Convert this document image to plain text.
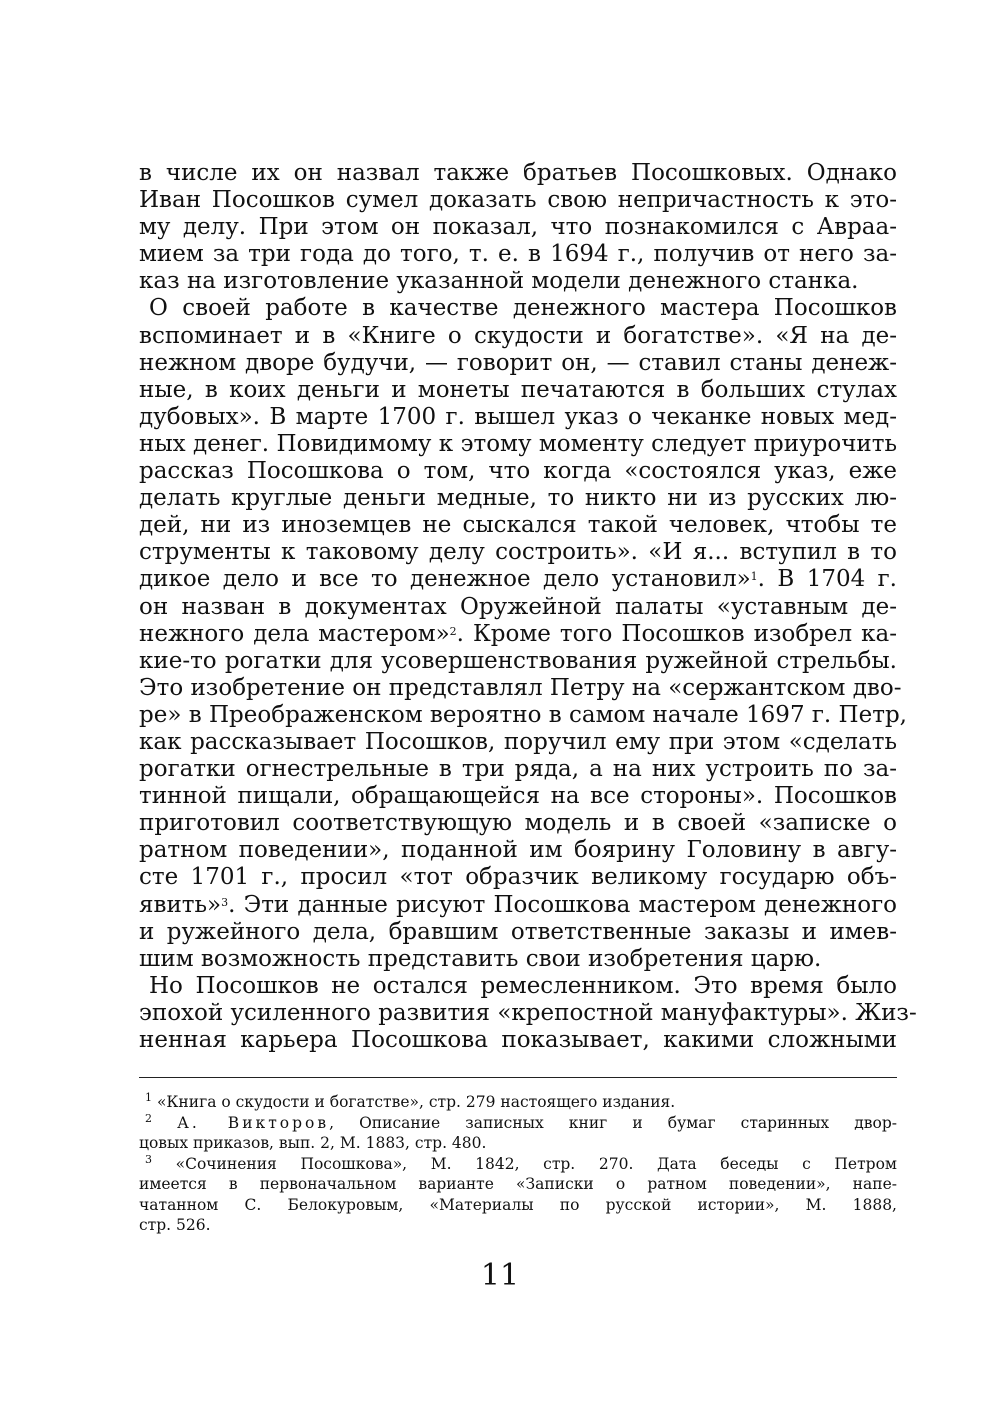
в числе их он назвал также братьев Посошковых. Однако
Иван Посошков сумел доказать свою непричастность к это-
му делу. При этом он показал, что познакомился с Авраа-
мием за три года до того, т. е. в 1694 г., получив от него за-
каз на изготовление указанной модели денежного станка.

О своей работе в качестве денежного мастера Посошков
вспоминает и в «Книге о скудости и богатстве». «Я на де-
нежном дворе будучи, — говорит он, — ставил станы денеж-
ные, в коих деньги и монеты печатаются в больших стулах
дубовых». В марте 1700 г. вышел указ о чеканке новых мед-
ных денег. Повидимому к этому моменту следует приурочить
рассказ Посошкова о том, что когда «состоялся указ, еже
делать круглые деньги медные, то никто ни из русских лю-
дей, ни из иноземцев не сыскался такой человек, чтобы те
струменты к таковому делу состроить». «И я... вступил в то
дикое дело и все то денежное дело установил»$^1$. В 1704 г.
он назван в документах Оружейной палаты «уставным де-
нежного дела мастером»$^2$. Кроме того Посошков изобрел ка-
кие-то рогатки для усовершенствования ружейной стрельбы.
Это изобретение он представлял Петру на «сержантском дво-
ре» в Преображенском вероятно в самом начале 1697 г. Петр,
как рассказывает Посошков, поручил ему при этом «сделать
рогатки огнестрельные в три ряда, а на них устроить по за-
тинной пищали, обращающейся на все стороны». Посошков
приготовил соответствующую модель и в своей «записке о
ратном поведении», поданной им боярину Головину в авгу-
сте 1701 г., просил «тот образчик великому государю объ-
явить»$^3$. Эти данные рисуют Посошкова мастером денежного
и ружейного дела, бравшим ответственные заказы и имев-
шим возможность представить свои изобретения царю.

Но Посошков не остался ремесленником. Это время было
эпохой усиленного развития «крепостной мануфактуры». Жиз-
ненная карьера Посошкова показывает, какими сложными

$^1$ «Книга о скудости и богатстве», стр. 279 настоящего издания.
$^2$ А. Викторов, Описание записных книг и бумаг старинных двор-
цовых приказов, вып. 2, М. 1883, стр. 480.
$^3$ «Сочинения Посошкова», М. 1842, стр. 270. Дата беседы с Петром
имеется в первоначальном варианте «Записки о ратном поведении», напе-
чатанном С. Белокуровым, «Материалы по русской истории», М. 1888,
стр. 526.
11
